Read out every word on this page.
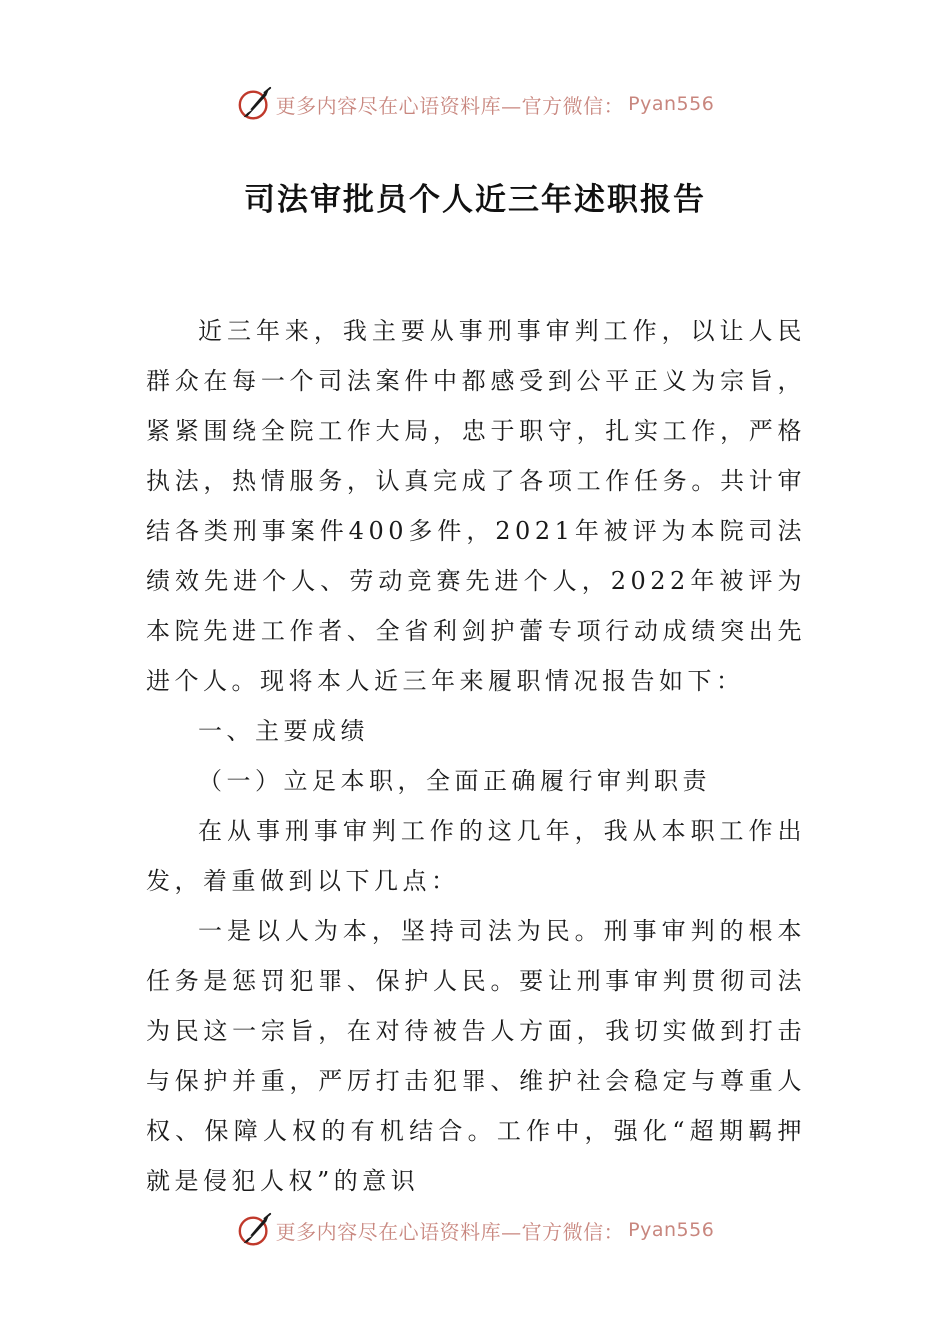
更多内容尽在心语资料库—官方微信： Pyan556
司法审批员个人近三年述职报告

近三年来，我主要从事刑事审判工作，以让人民群众在每一个司法案件中都感受到公平正义为宗旨，紧紧围绕全院工作大局，忠于职守，扎实工作，严格执法，热情服务，认真完成了各项工作任务。共计审结各类刑事案件400多件，2021年被评为本院司法绩效先进个人、劳动竞赛先进个人，2022年被评为本院先进工作者、全省利剑护蕾专项行动成绩突出先进个人。现将本人近三年来履职情况报告如下：

一、主要成绩

（一）立足本职，全面正确履行审判职责

在从事刑事审判工作的这几年，我从本职工作出发，着重做到以下几点：

一是以人为本，坚持司法为民。刑事审判的根本任务是惩罚犯罪、保护人民。要让刑事审判贯彻司法为民这一宗旨，在对待被告人方面，我切实做到打击与保护并重，严厉打击犯罪、维护社会稳定与尊重人权、保障人权的有机结合。工作中，强化“超期羁押就是侵犯人权”的意识

更多内容尽在心语资料库—官方微信： Pyan556
